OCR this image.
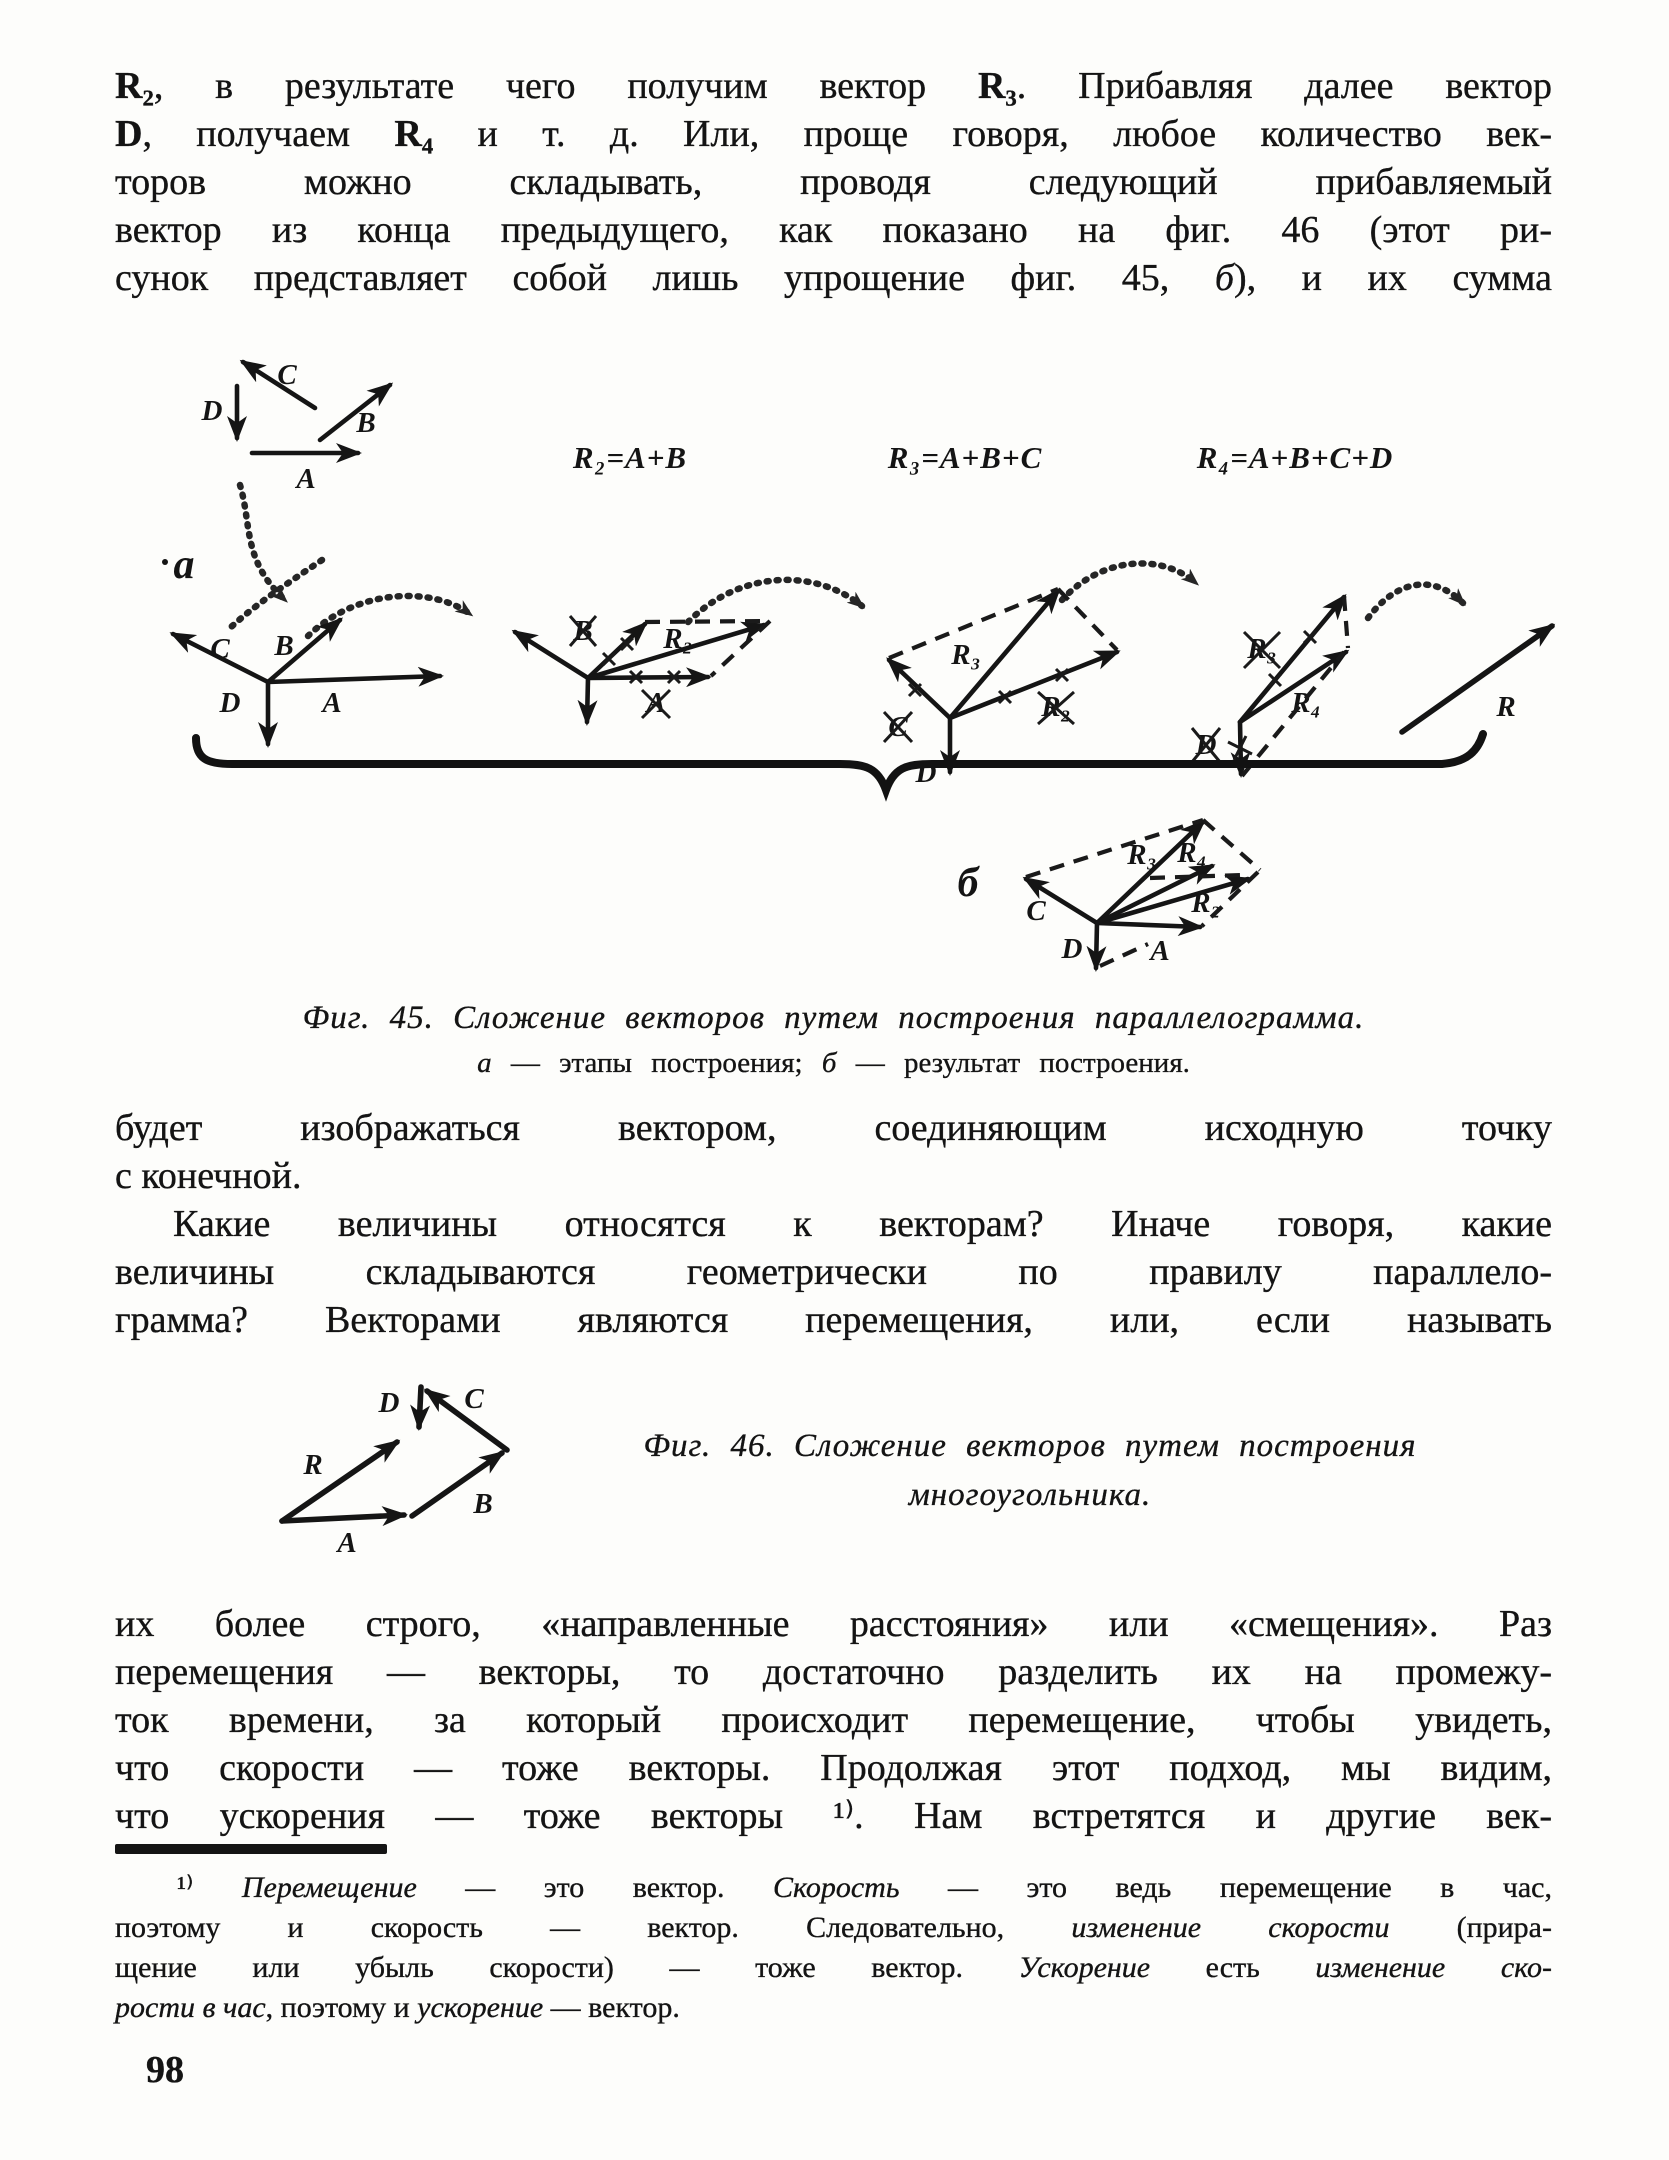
R₂, в результате чего получим вектор R₃. Прибавляя далее вектор
D, получаем R₄ и т. д. Или, проще говоря, любое количество век-
торов можно складывать, проводя следующий прибавляемый
вектор из конца предыдущего, как показано на фиг. 46 (этот ри-
сунок представляет собой лишь упрощение фиг. 45, б), и их сумма
C
D	B
A
R₂=A+B	R₃=A+B+C	R₄=A+B+C+D
а
C B
A
D
B
A
R₂
C
R₂
R₃
D
R₃
D
R₄	R
б
C
D A
R₂
R₃ R₄
Фиг. 45. Сложение векторов путем построения параллелограмма.
а — этапы построения; б — результат построения.
будет изображаться вектором, соединяющим исходную точку
с конечной.
Какие величины относятся к векторам? Иначе говоря, какие
величины складываются геометрически по правилу параллело-
грамма? Векторами являются перемещения, или, если называть
A
B
C
D
R
Фиг. 46. Сложение векторов путем построения
многоугольника.
их более строго, «направленные расстояния» или «смещения». Раз
перемещения — векторы, то достаточно разделить их на промежу-
ток времени, за который происходит перемещение, чтобы увидеть,
что скорости — тоже векторы. Продолжая этот подход, мы видим,
что ускорения — тоже векторы ¹⁾. Нам встретятся и другие век-
¹⁾ Перемещение — это вектор. Скорость — это ведь перемещение в час,
поэтому и скорость — вектор. Следовательно, изменение скорости (прира-
щение или убыль скорости) — тоже вектор. Ускорение есть изменение ско-
рости в час, поэтому и ускорение — вектор.
98
